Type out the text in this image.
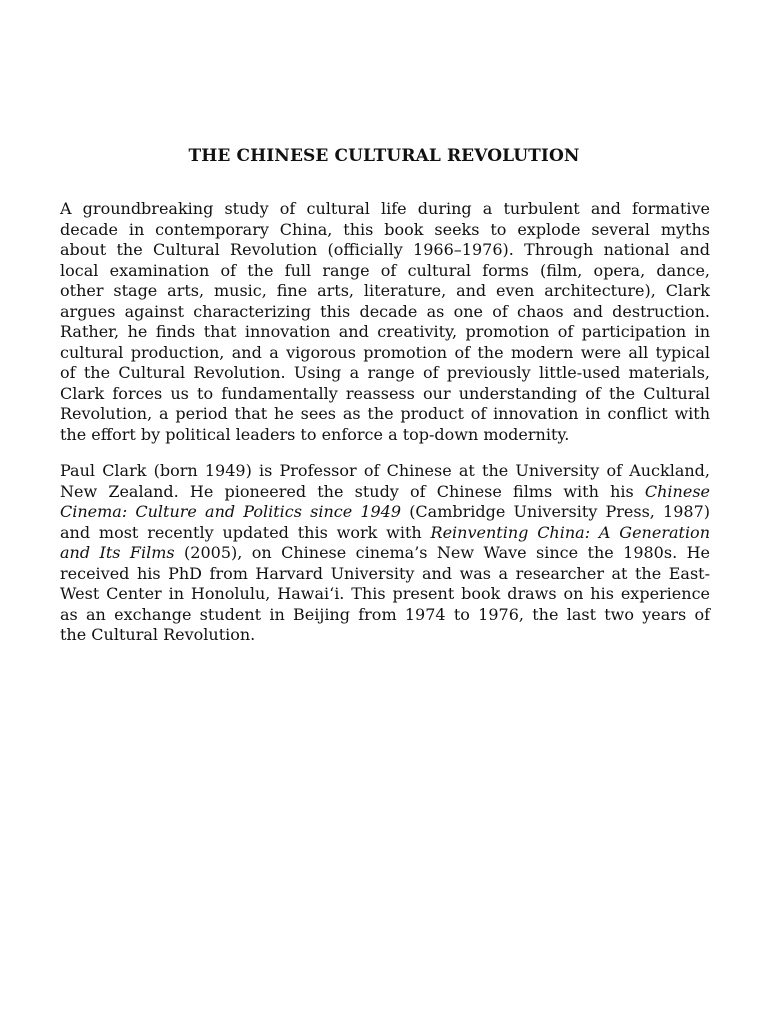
THE CHINESE CULTURAL REVOLUTION
A groundbreaking study of cultural life during a turbulent and formative
decade in contemporary China, this book seeks to explode several myths
about the Cultural Revolution (officially 1966–1976). Through national and
local examination of the full range of cultural forms (film, opera, dance,
other stage arts, music, fine arts, literature, and even architecture), Clark
argues against characterizing this decade as one of chaos and destruction.
Rather, he finds that innovation and creativity, promotion of participation in
cultural production, and a vigorous promotion of the modern were all typical
of the Cultural Revolution. Using a range of previously little-used materials,
Clark forces us to fundamentally reassess our understanding of the Cultural
Revolution, a period that he sees as the product of innovation in conflict with
the effort by political leaders to enforce a top-down modernity.
Paul Clark (born 1949) is Professor of Chinese at the University of Auckland,
New Zealand. He pioneered the study of Chinese films with his Chinese
Cinema: Culture and Politics since 1949 (Cambridge University Press, 1987)
and most recently updated this work with Reinventing China: A Generation
and Its Films (2005), on Chinese cinema’s New Wave since the 1980s. He
received his PhD from Harvard University and was a researcher at the East-
West Center in Honolulu, Hawai‘i. This present book draws on his experience
as an exchange student in Beijing from 1974 to 1976, the last two years of
the Cultural Revolution.
